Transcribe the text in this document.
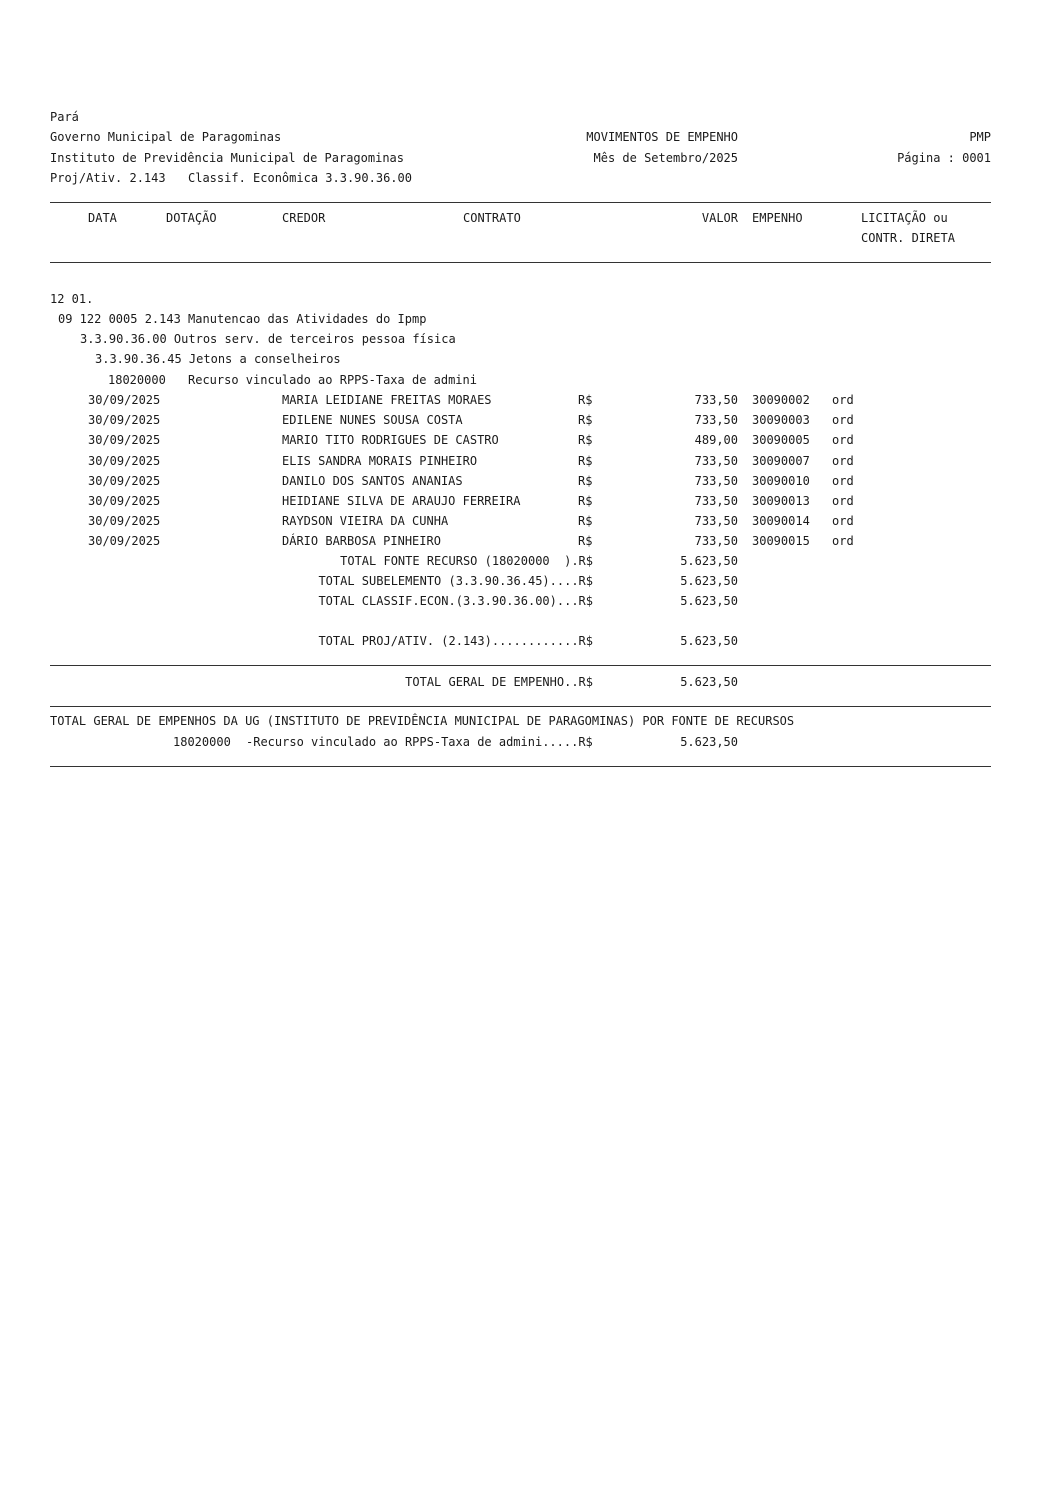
Pará
Governo Municipal de Paragominas
Instituto de Previdência Municipal de Paragominas
Proj/Ativ. 2.143 Classif. Econômica 3.3.90.36.00
MOVIMENTOS DE EMPENHO
Mês de Setembro/2025
PMP
Página : 0001
DATA	DOTAÇÃO	CREDOR	CONTRATO	VALOR EMPENHO	LICITAÇÃO ou
CONTR. DIRETA
12 01.
09 122 0005 2.143 Manutencao das Atividades do Ipmp
3.3.90.36.00 Outros serv. de terceiros pessoa física
3.3.90.36.45 Jetons a conselheiros
18020000 Recurso vinculado ao RPPS-Taxa de admini
30/09/2025	MARIA LEIDIANE FREITAS MORAES	R$	733,50 30090002 ord
30/09/2025	EDILENE NUNES SOUSA COSTA	R$	733,50 30090003 ord
30/09/2025	MARIO TITO RODRIGUES DE CASTRO	R$	489,00 30090005 ord
30/09/2025	ELIS SANDRA MORAIS PINHEIRO	R$	733,50 30090007 ord
30/09/2025	DANILO DOS SANTOS ANANIAS	R$	733,50 30090010 ord
30/09/2025	HEIDIANE SILVA DE ARAUJO FERREIRA	R$	733,50 30090013 ord
30/09/2025	RAYDSON VIEIRA DA CUNHA	R$	733,50 30090014 ord
30/09/2025	DÁRIO BARBOSA PINHEIRO	R$	733,50 30090015 ord
TOTAL FONTE RECURSO (18020000  ).R$	5.623,50
TOTAL SUBELEMENTO (3.3.90.36.45)....R$	5.623,50
TOTAL CLASSIF.ECON.(3.3.90.36.00)...R$	5.623,50
TOTAL PROJ/ATIV. (2.143)............R$	5.623,50
TOTAL GERAL DE EMPENHO..R$	5.623,50
TOTAL GERAL DE EMPENHOS DA UG (INSTITUTO DE PREVIDÊNCIA MUNICIPAL DE PARAGOMINAS) POR FONTE DE RECURSOS
18020000 -Recurso vinculado ao RPPS-Taxa de admini.....R$	5.623,50
